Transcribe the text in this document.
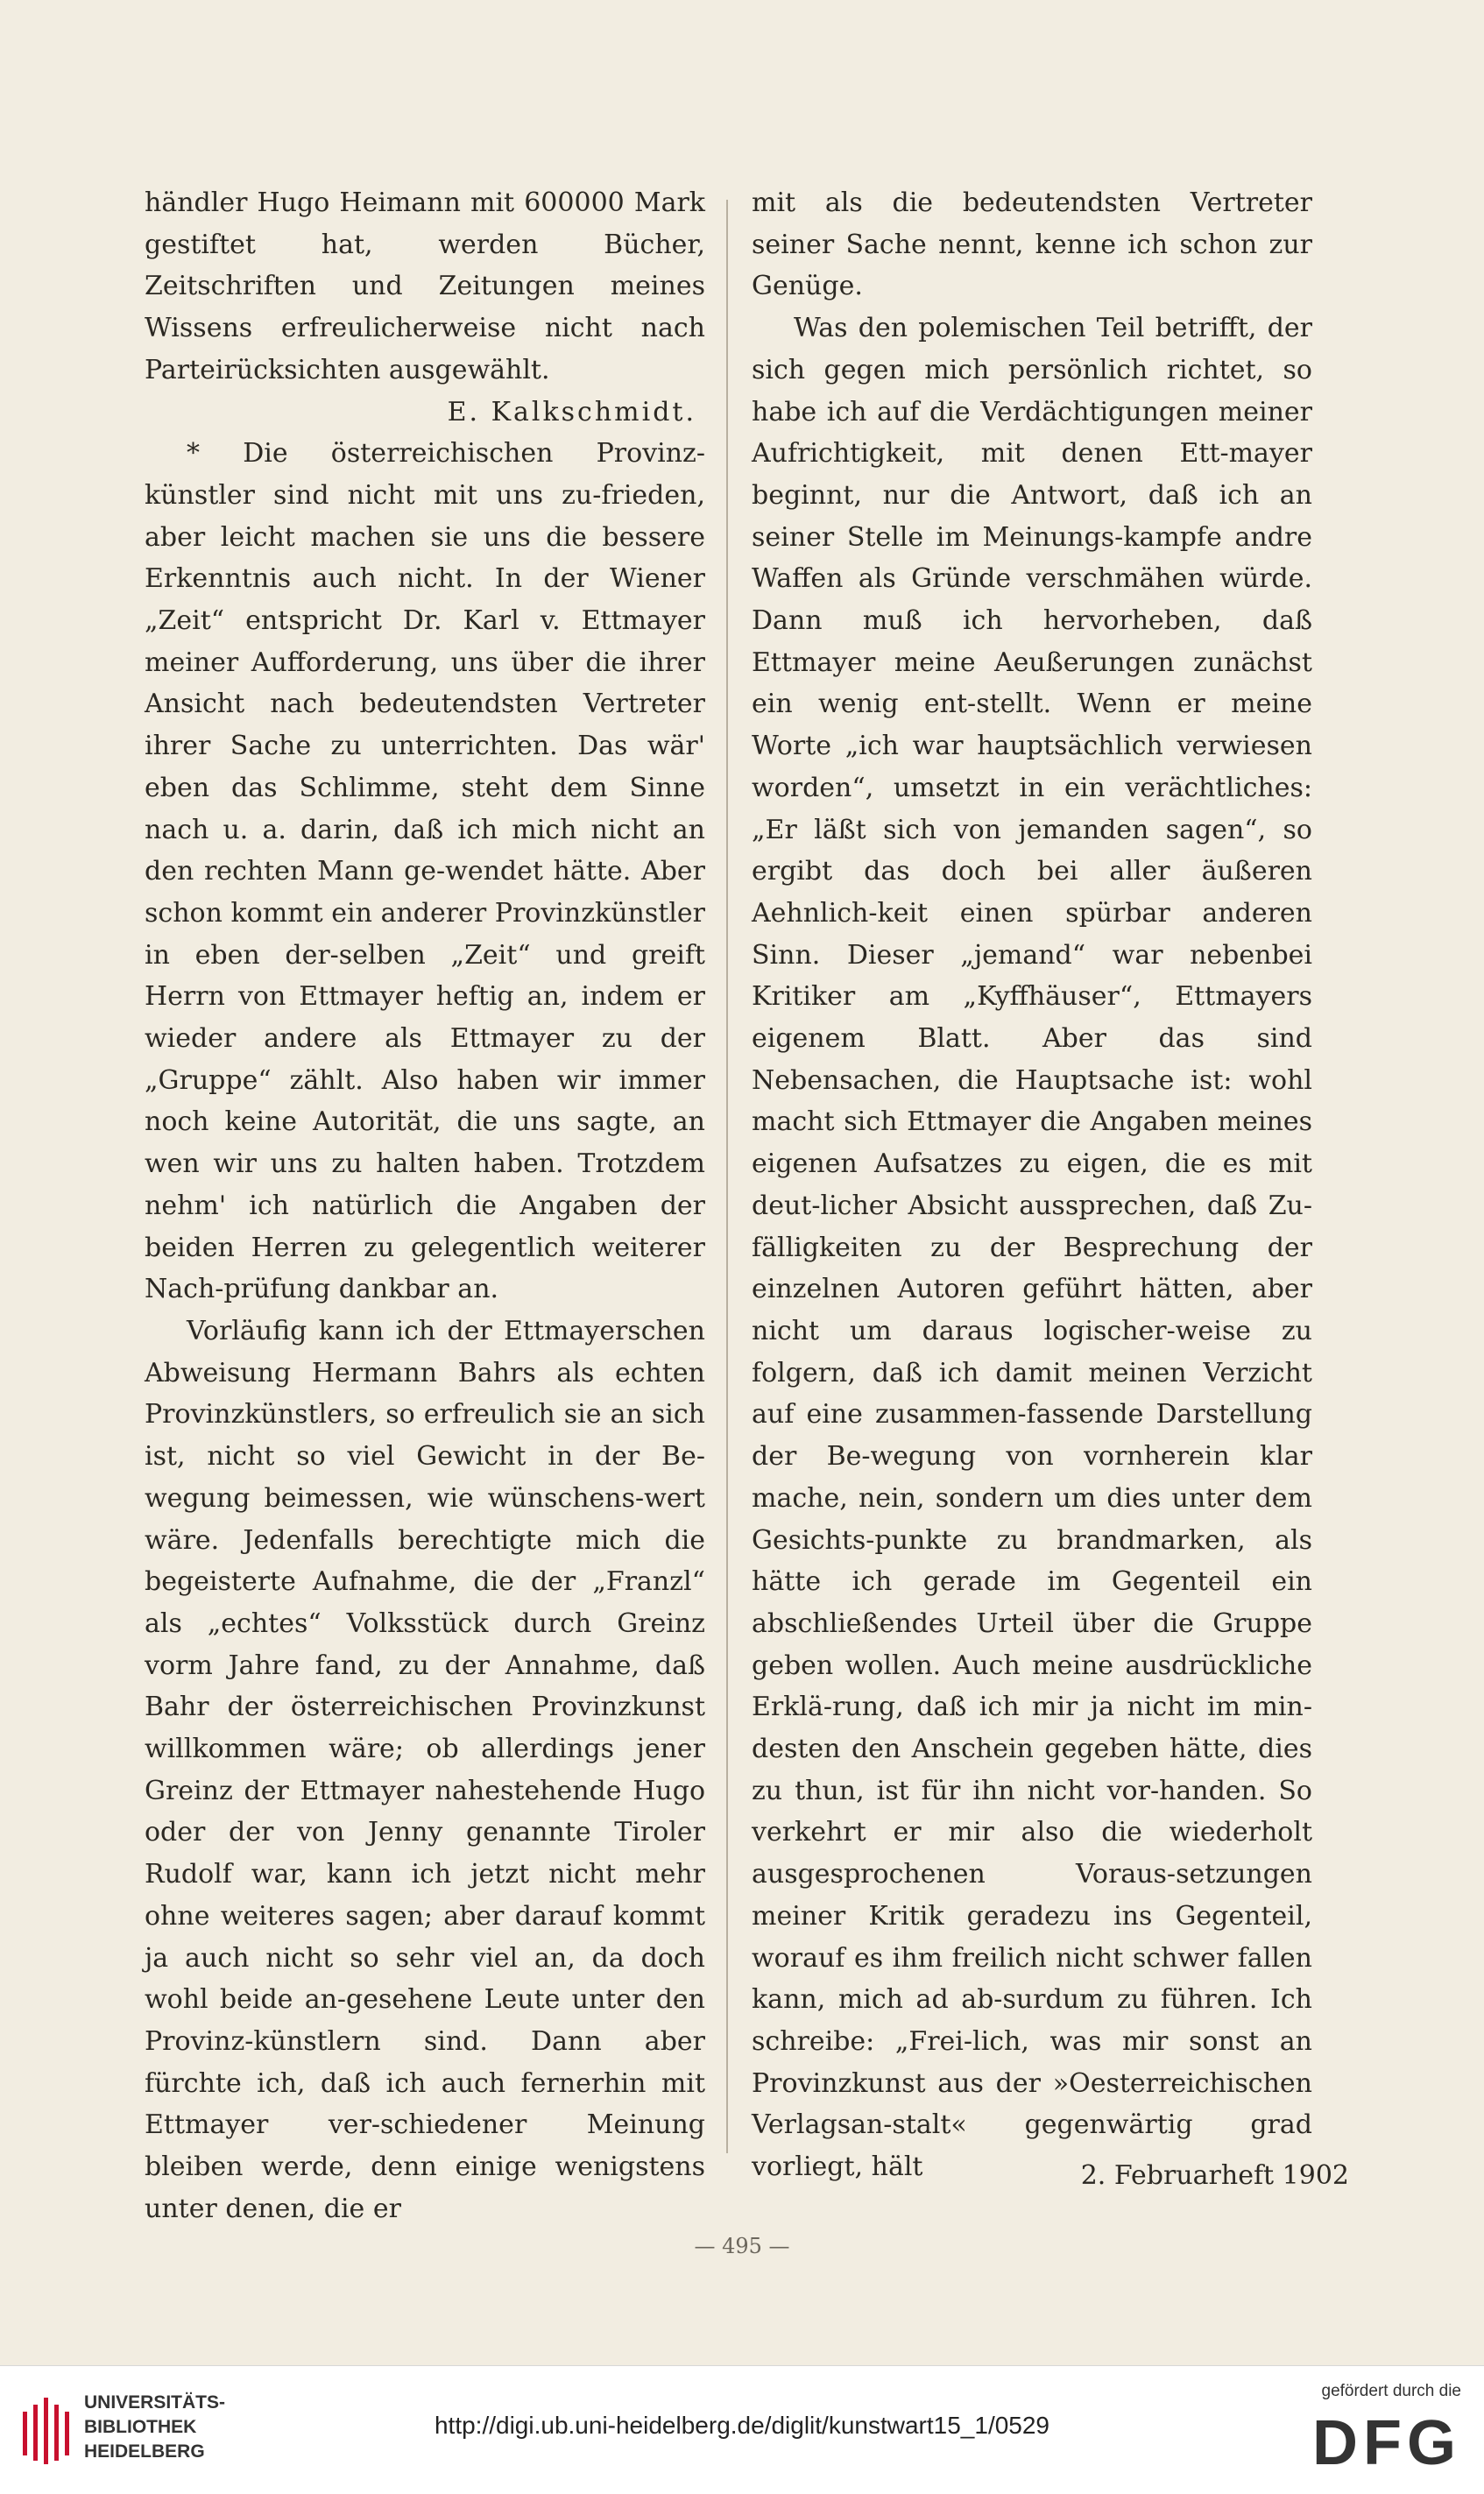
händler Hugo Heimann mit 600000 Mark gestiftet hat, werden Bücher, Zeitschriften und Zeitungen meines Wissens erfreulicherweise nicht nach Parteirücksichten ausgewählt.

E. Kalkschmidt.

* Die österreichischen Provinz-künstler sind nicht mit uns zu-frieden, aber leicht machen sie uns die bessere Erkenntnis auch nicht. In der Wiener „Zeit“ entspricht Dr. Karl v. Ettmayer meiner Aufforderung, uns über die ihrer Ansicht nach bedeutendsten Vertreter ihrer Sache zu unterrichten. Das wär' eben das Schlimme, steht dem Sinne nach u. a. darin, daß ich mich nicht an den rechten Mann ge-wendet hätte. Aber schon kommt ein anderer Provinzkünstler in eben der-selben „Zeit“ und greift Herrn von Ettmayer heftig an, indem er wieder andere als Ettmayer zu der „Gruppe“ zählt. Also haben wir immer noch keine Autorität, die uns sagte, an wen wir uns zu halten haben. Trotzdem nehm' ich natürlich die Angaben der beiden Herren zu gelegentlich weiterer Nach-prüfung dankbar an.

Vorläufig kann ich der Ettmayerschen Abweisung Hermann Bahrs als echten Provinzkünstlers, so erfreulich sie an sich ist, nicht so viel Gewicht in der Be-wegung beimessen, wie wünschens-wert wäre. Jedenfalls berechtigte mich die begeisterte Aufnahme, die der „Franzl“ als „echtes“ Volksstück durch Greinz vorm Jahre fand, zu der Annahme, daß Bahr der österreichischen Provinzkunst willkommen wäre; ob allerdings jener Greinz der Ettmayer nahestehende Hugo oder der von Jenny genannte Tiroler Rudolf war, kann ich jetzt nicht mehr ohne weiteres sagen; aber darauf kommt ja auch nicht so sehr viel an, da doch wohl beide an-gesehene Leute unter den Provinz-künstlern sind. Dann aber fürchte ich, daß ich auch fernerhin mit Ettmayer ver-schiedener Meinung bleiben werde, denn einige wenigstens unter denen, die er

mit als die bedeutendsten Vertreter seiner Sache nennt, kenne ich schon zur Genüge.

Was den polemischen Teil betrifft, der sich gegen mich persönlich richtet, so habe ich auf die Verdächtigungen meiner Aufrichtigkeit, mit denen Ett-mayer beginnt, nur die Antwort, daß ich an seiner Stelle im Meinungs-kampfe andre Waffen als Gründe verschmähen würde. Dann muß ich hervorheben, daß Ettmayer meine Aeußerungen zunächst ein wenig ent-stellt. Wenn er meine Worte „ich war hauptsächlich verwiesen worden“, umsetzt in ein verächtliches: „Er läßt sich von jemanden sagen“, so ergibt das doch bei aller äußeren Aehnlich-keit einen spürbar anderen Sinn. Dieser „jemand“ war nebenbei Kritiker am „Kyffhäuser“, Ettmayers eigenem Blatt. Aber das sind Nebensachen, die Hauptsache ist: wohl macht sich Ettmayer die Angaben meines eigenen Aufsatzes zu eigen, die es mit deut-licher Absicht aussprechen, daß Zu-fälligkeiten zu der Besprechung der einzelnen Autoren geführt hätten, aber nicht um daraus logischer-weise zu folgern, daß ich damit meinen Verzicht auf eine zusammen-fassende Darstellung der Be-wegung von vornherein klar mache, nein, sondern um dies unter dem Gesichts-punkte zu brandmarken, als hätte ich gerade im Gegenteil ein abschließendes Urteil über die Gruppe geben wollen. Auch meine ausdrückliche Erklä-rung, daß ich mir ja nicht im min-desten den Anschein gegeben hätte, dies zu thun, ist für ihn nicht vor-handen. So verkehrt er mir also die wiederholt ausgesprochenen Voraus-setzungen meiner Kritik geradezu ins Gegenteil, worauf es ihm freilich nicht schwer fallen kann, mich ad ab-surdum zu führen. Ich schreibe: „Frei-lich, was mir sonst an Provinzkunst aus der »Oesterreichischen Verlagsan-stalt« gegenwärtig grad vorliegt, hält	2. Februarheft 1902
— 495 —
UNIVERSITÄTS-
BIBLIOTHEK
HEIDELBERG
http://digi.ub.uni-heidelberg.de/diglit/kunstwart15_1/0529
gefördert durch die
DFG
